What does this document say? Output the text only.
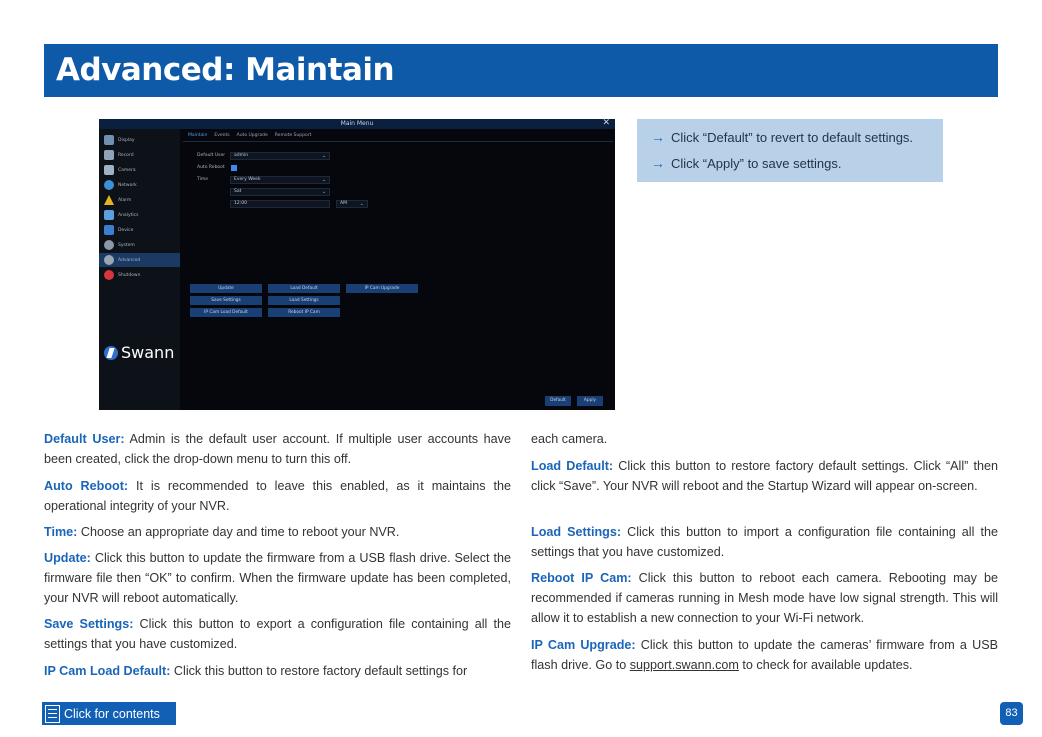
Advanced: Maintain
Main Menu	✕
Display
Record
Camera
Network
Alarm
Analytics
Device
System
Advanced
Shutdown
Swann
Maintain Events Auto Upgrade Remote Support
Default User	admin	⌄
Auto Reboot
Time	Every Week	⌄
Sat	⌄
12:00	AM	⌄
Update	Load Default	IP Cam Upgrade
Save Settings	Load Settings
IP Cam Load Default	Reboot IP Cam
Default	Apply
→ Click “Default” to revert to default settings.
→ Click “Apply” to save settings.

Default User: Admin is the default user account. If multiple user accounts have been created, click the drop-down menu to turn this off.

Auto Reboot: It is recommended to leave this enabled, as it maintains the operational integrity of your NVR.

Time: Choose an appropriate day and time to reboot your NVR.

Update: Click this button to update the firmware from a USB flash drive. Select the firmware file then “OK” to confirm. When the firmware update has been completed, your NVR will reboot automatically.

Save Settings: Click this button to export a configuration file containing all the settings that you have customized.

IP Cam Load Default: Click this button to restore factory default settings for

each camera.

Load Default: Click this button to restore factory default settings. Click “All” then click “Save”. Your NVR will reboot and the Startup Wizard will appear on-screen.

Load Settings: Click this button to import a configuration file containing all the settings that you have customized.

Reboot IP Cam: Click this button to reboot each camera. Rebooting may be recommended if cameras running in Mesh mode have low signal strength. This will allow it to establish a new connection to your Wi-Fi network.

IP Cam Upgrade: Click this button to update the cameras’ firmware from a USB flash drive. Go to support.swann.com to check for available updates.

Click for contents	83
